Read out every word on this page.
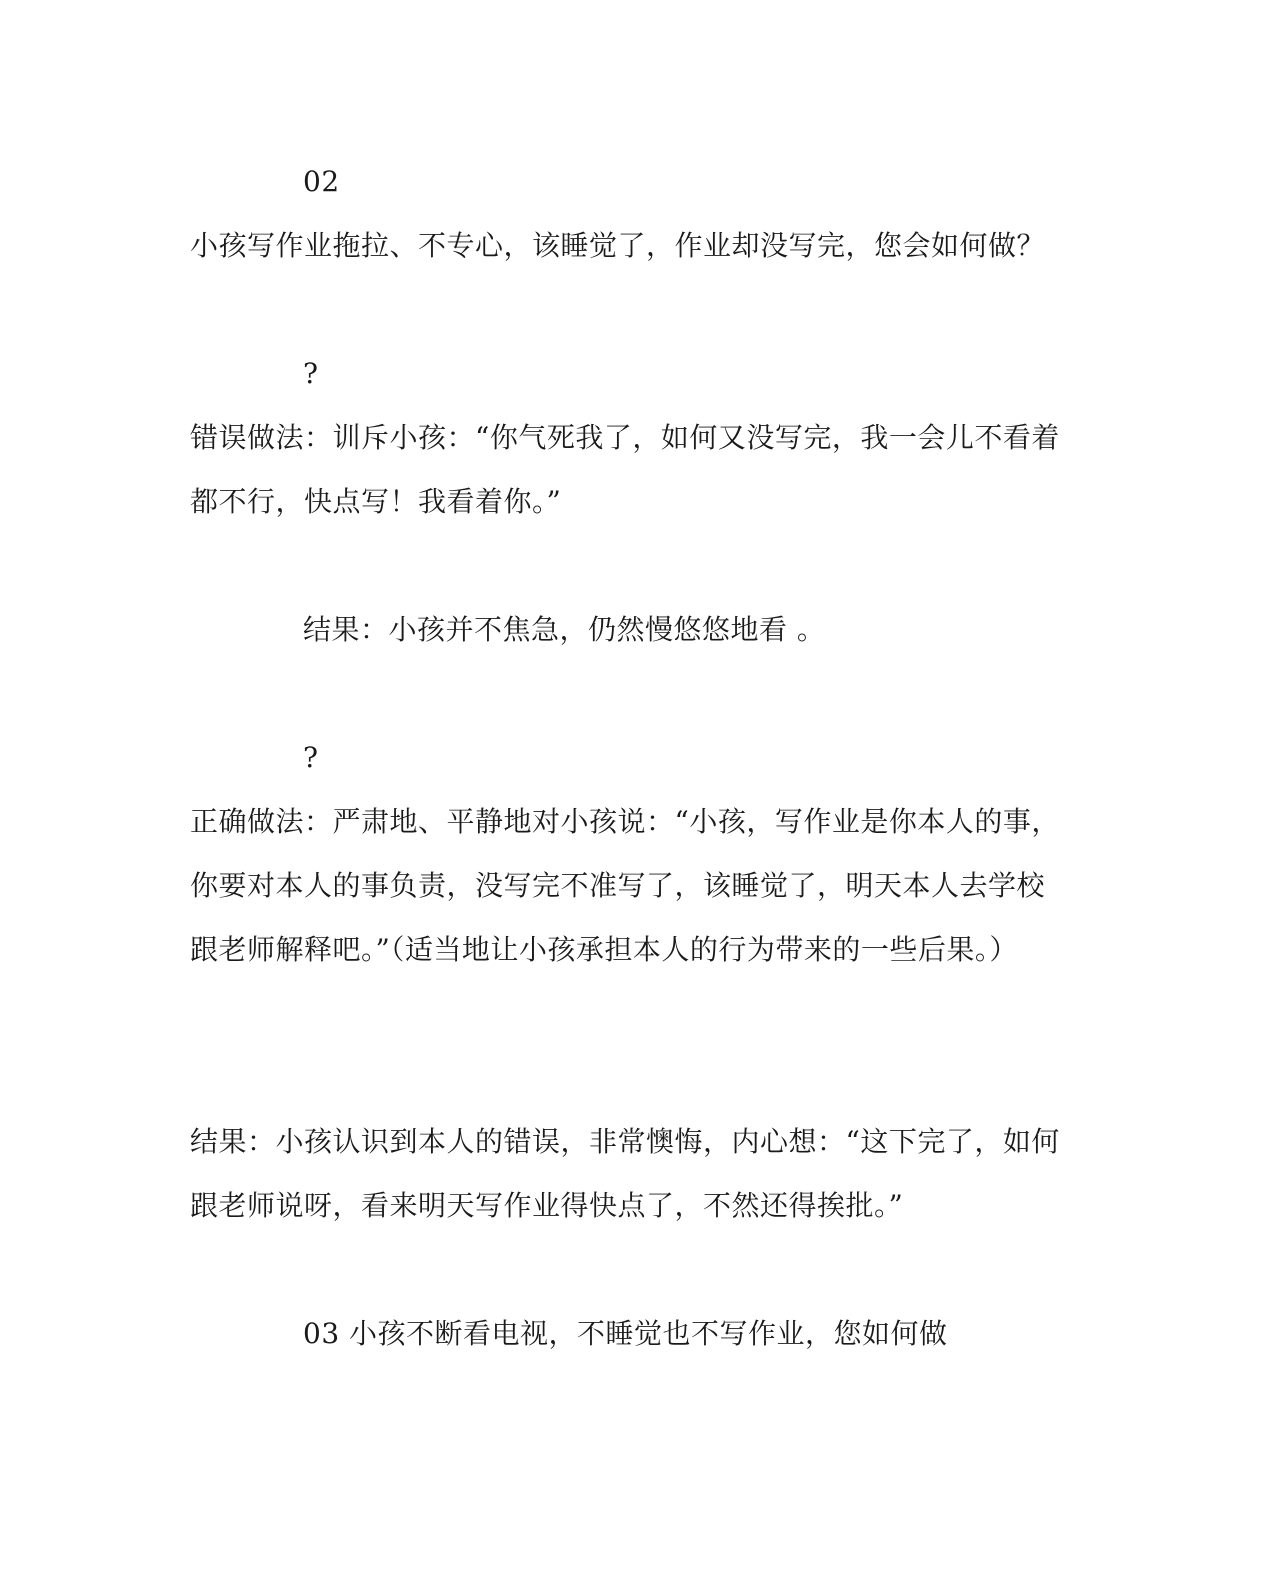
02
小孩写作业拖拉、不专心，该睡觉了，作业却没写完，您会如何做？
?
错误做法：训斥小孩：“你气死我了，如何又没写完，我一会儿不看着
都不行，快点写！我看着你。”
结果：小孩并不焦急，仍然慢悠悠地看 。
?
正确做法：严肃地、平静地对小孩说：“小孩，写作业是你本人的事，
你要对本人的事负责，没写完不准写了，该睡觉了，明天本人去学校
跟老师解释吧。”（适当地让小孩承担本人的行为带来的一些后果。）
结果：小孩认识到本人的错误，非常懊悔，内心想：“这下完了，如何
跟老师说呀，看来明天写作业得快点了，不然还得挨批。”
03 小孩不断看电视，不睡觉也不写作业，您如何做
